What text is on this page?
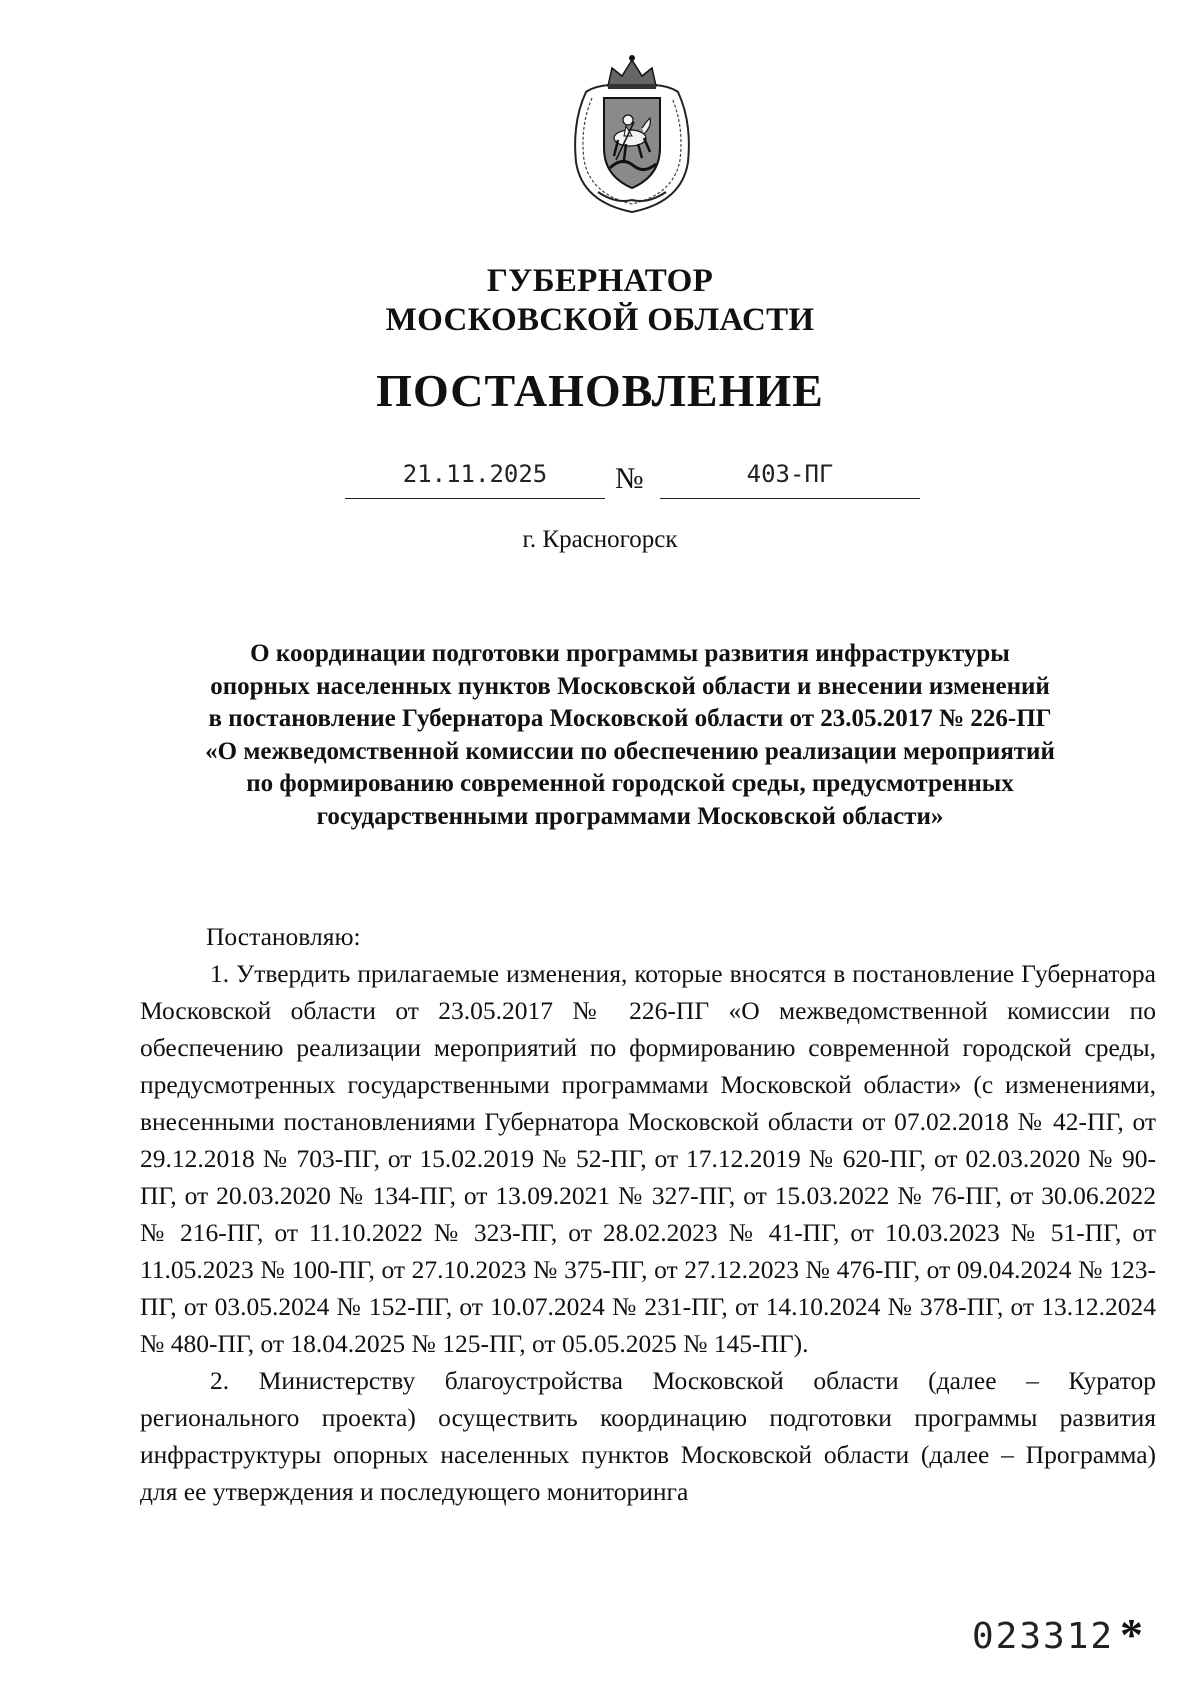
ГУБЕРНАТОР
МОСКОВСКОЙ ОБЛАСТИ
ПОСТАНОВЛЕНИЕ
21.11.2025	№	403-ПГ
г. Красногорск
О координации подготовки программы развития инфраструктуры
опорных населенных пунктов Московской области и внесении изменений
в постановление Губернатора Московской области от 23.05.2017 № 226-ПГ
«О межведомственной комиссии по обеспечению реализации мероприятий
по формированию современной городской среды, предусмотренных
государственными программами Московской области»

Постановляю:

1. Утвердить прилагаемые изменения, которые вносятся в постановление Губернатора Московской области от 23.05.2017 № 226-ПГ «О межведомственной комиссии по обеспечению реализации мероприятий по формированию современной городской среды, предусмотренных государственными программами Московской области» (с изменениями, внесенными постановлениями Губернатора Московской области от 07.02.2018 № 42-ПГ, от 29.12.2018 № 703-ПГ, от 15.02.2019 № 52-ПГ, от 17.12.2019 № 620-ПГ, от 02.03.2020 № 90-ПГ, от 20.03.2020 № 134-ПГ, от 13.09.2021 № 327-ПГ, от 15.03.2022 № 76-ПГ, от 30.06.2022 № 216-ПГ, от 11.10.2022 № 323-ПГ, от 28.02.2023 № 41-ПГ, от 10.03.2023 № 51-ПГ, от 11.05.2023 № 100-ПГ, от 27.10.2023 № 375-ПГ, от 27.12.2023 № 476-ПГ, от 09.04.2024 № 123-ПГ, от 03.05.2024 № 152-ПГ, от 10.07.2024 № 231-ПГ, от 14.10.2024 № 378-ПГ, от 13.12.2024 № 480-ПГ, от 18.04.2025 № 125-ПГ, от 05.05.2025 № 145-ПГ).

2. Министерству благоустройства Московской области (далее – Куратор регионального проекта) осуществить координацию подготовки программы развития инфраструктуры опорных населенных пунктов Московской области (далее – Программа) для ее утверждения и последующего мониторинга

023312 *
